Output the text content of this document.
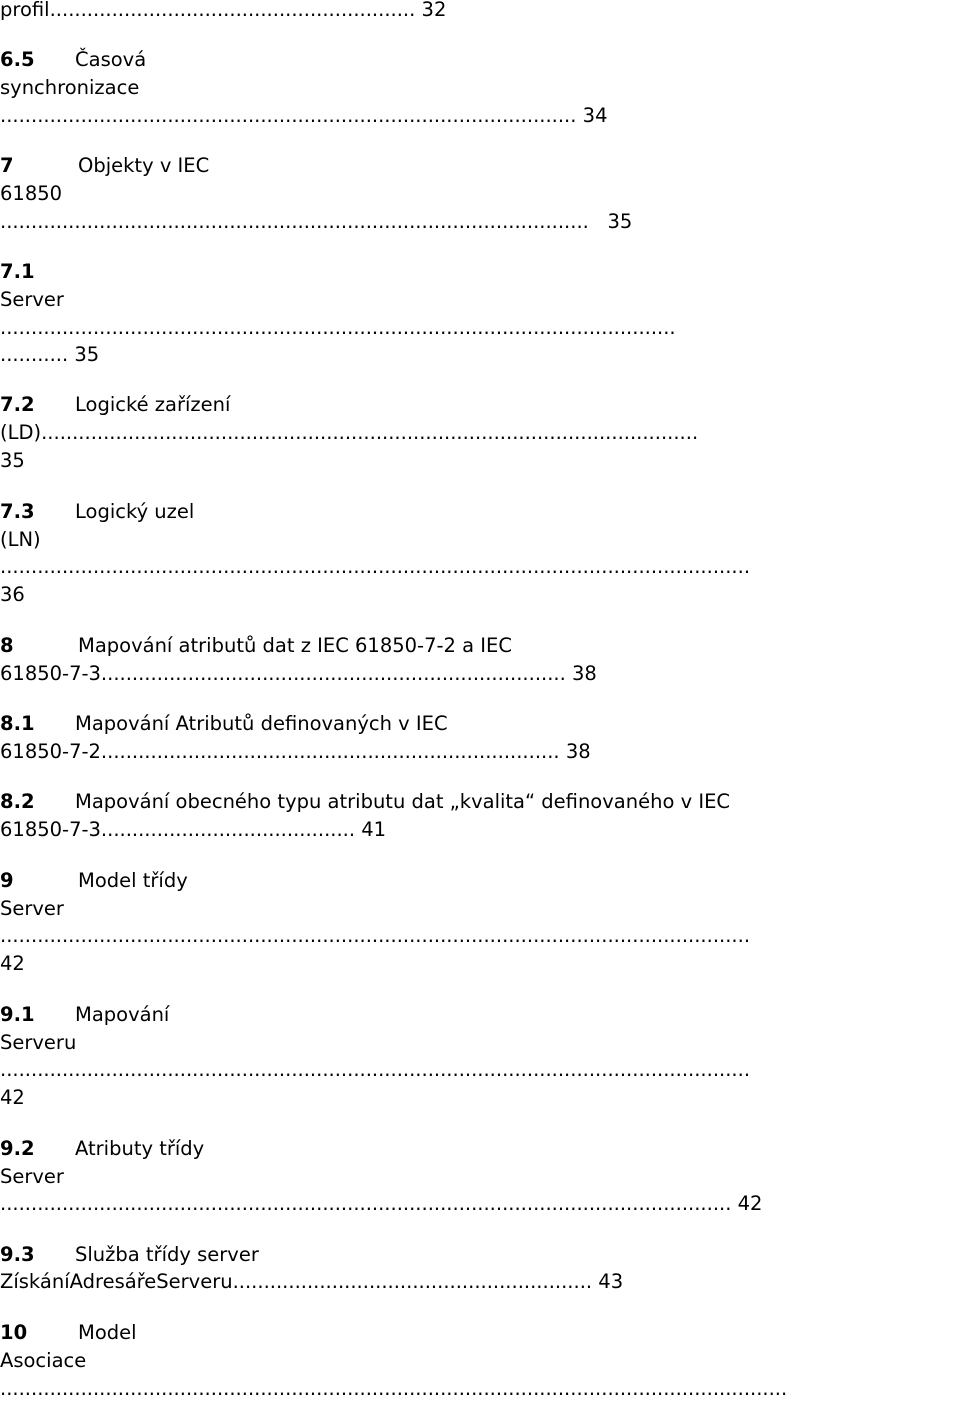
profil........................................................... 32
6.5 Časová
synchronizace
............................................................................................. 34
7	Objekty v IEC
61850
............................................................................................... 35
7.1
Server
.............................................................................................................
........... 35
7.2 Logické zařízení
(LD)..........................................................................................................
35
7.3 Logický uzel
(LN)
.........................................................................................................................
36
8	Mapování atributů dat z IEC 61850-7-2 a IEC
61850-7-3........................................................................... 38
8.1 Mapování Atributů definovaných v IEC
61850-7-2.......................................................................... 38
8.2 Mapování obecného typu atributu dat „kvalita“ definovaného v IEC
61850-7-3......................................... 41
9	Model třídy
Server
.........................................................................................................................
42
9.1 Mapování
Serveru
.........................................................................................................................
42
9.2 Atributy třídy
Server
...................................................................................................................... 42
9.3 Služba třídy server
ZískáníAdresářeServeru.......................................................... 43
10	Model
Asociace
...............................................................................................................................
